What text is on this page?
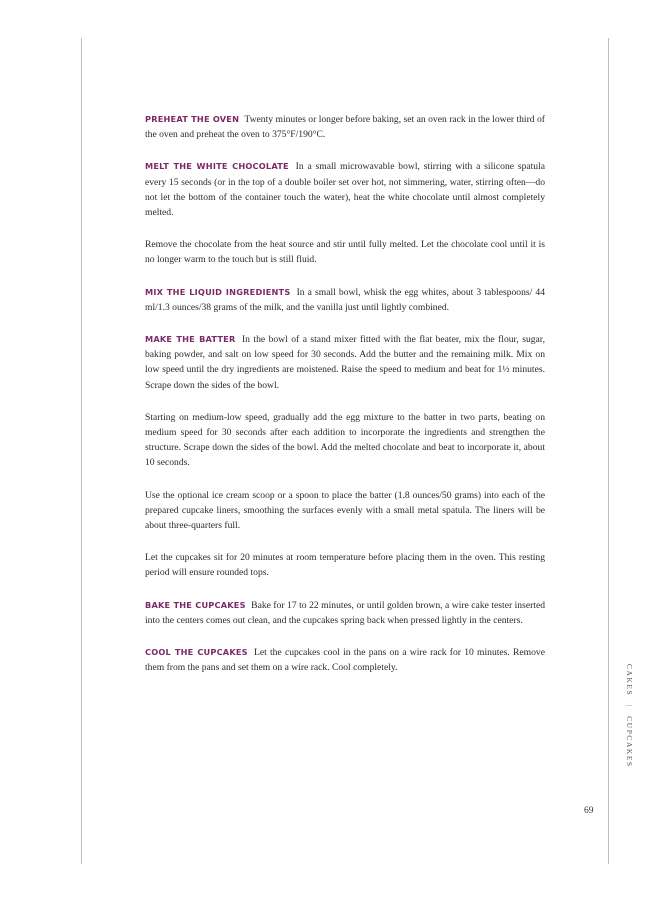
PREHEAT THE OVEN Twenty minutes or longer before baking, set an oven rack in the lower third of the oven and preheat the oven to 375°F/190°C.

MELT THE WHITE CHOCOLATE In a small microwavable bowl, stirring with a silicone spatula every 15 seconds (or in the top of a double boiler set over hot, not simmering, water, stirring often—do not let the bottom of the container touch the water), heat the white chocolate until almost completely melted.

Remove the chocolate from the heat source and stir until fully melted. Let the chocolate cool until it is no longer warm to the touch but is still fluid.

MIX THE LIQUID INGREDIENTS In a small bowl, whisk the egg whites, about 3 tablespoons/ 44 ml/1.3 ounces/38 grams of the milk, and the vanilla just until lightly combined.

MAKE THE BATTER In the bowl of a stand mixer fitted with the flat beater, mix the flour, sugar, baking powder, and salt on low speed for 30 seconds. Add the butter and the remaining milk. Mix on low speed until the dry ingredients are moistened. Raise the speed to medium and beat for 1½ minutes. Scrape down the sides of the bowl.

Starting on medium-low speed, gradually add the egg mixture to the batter in two parts, beating on medium speed for 30 seconds after each addition to incorporate the ingredients and strengthen the structure. Scrape down the sides of the bowl. Add the melted chocolate and beat to incorporate it, about 10 seconds.

Use the optional ice cream scoop or a spoon to place the batter (1.8 ounces/50 grams) into each of the prepared cupcake liners, smoothing the surfaces evenly with a small metal spatula. The liners will be about three-quarters full.

Let the cupcakes sit for 20 minutes at room temperature before placing them in the oven. This resting period will ensure rounded tops.

BAKE THE CUPCAKES Bake for 17 to 22 minutes, or until golden brown, a wire cake tester inserted into the centers comes out clean, and the cupcakes spring back when pressed lightly in the centers.

COOL THE CUPCAKES Let the cupcakes cool in the pans on a wire rack for 10 minutes. Remove them from the pans and set them on a wire rack. Cool completely.	CAKES | CUPCAKES
69
